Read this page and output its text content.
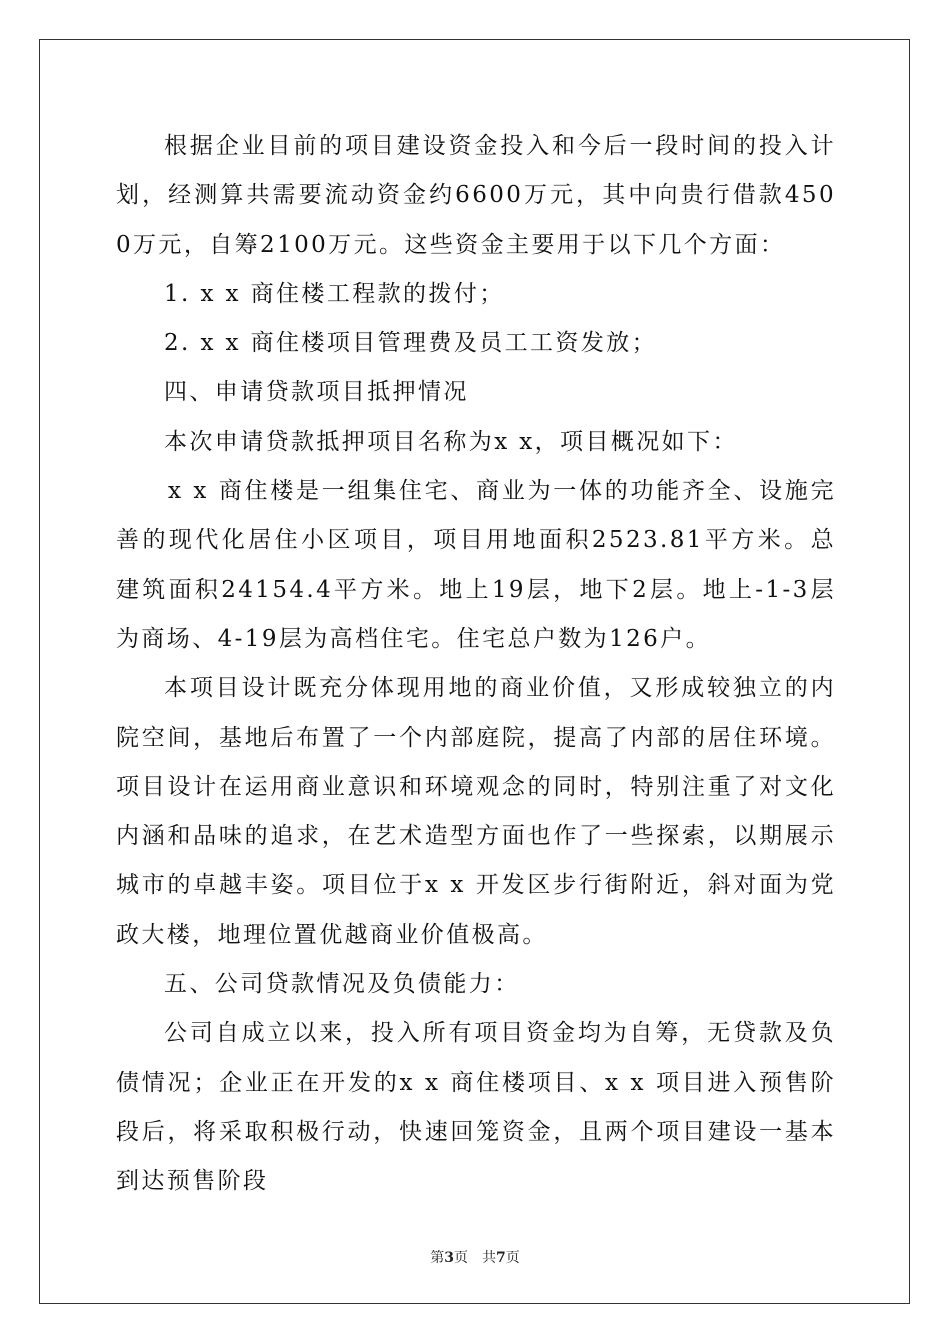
根据企业目前的项目建设资金投入和今后一段时间的投入计划，经测算共需要流动资金约6600万元，其中向贵行借款4500万元，自筹2100万元。这些资金主要用于以下几个方面：

1. x x 商住楼工程款的拨付；

2. x x 商住楼项目管理费及员工工资发放；

四、申请贷款项目抵押情况

本次申请贷款抵押项目名称为x x，项目概况如下：

x x 商住楼是一组集住宅、商业为一体的功能齐全、设施完善的现代化居住小区项目，项目用地面积2523.81平方米。总建筑面积24154.4平方米。地上19层，地下2层。地上-1-3层为商场、4-19层为高档住宅。住宅总户数为126户。

本项目设计既充分体现用地的商业价值，又形成较独立的内院空间，基地后布置了一个内部庭院，提高了内部的居住环境。项目设计在运用商业意识和环境观念的同时，特别注重了对文化内涵和品味的追求，在艺术造型方面也作了一些探索，以期展示城市的卓越丰姿。项目位于x x 开发区步行街附近，斜对面为党政大楼，地理位置优越商业价值极高。

五、公司贷款情况及负债能力：

公司自成立以来，投入所有项目资金均为自筹，无贷款及负债情况；企业正在开发的x x 商住楼项目、x x 项目进入预售阶段后，将采取积极行动，快速回笼资金，且两个项目建设一基本到达预售阶段

第3页 共7页
